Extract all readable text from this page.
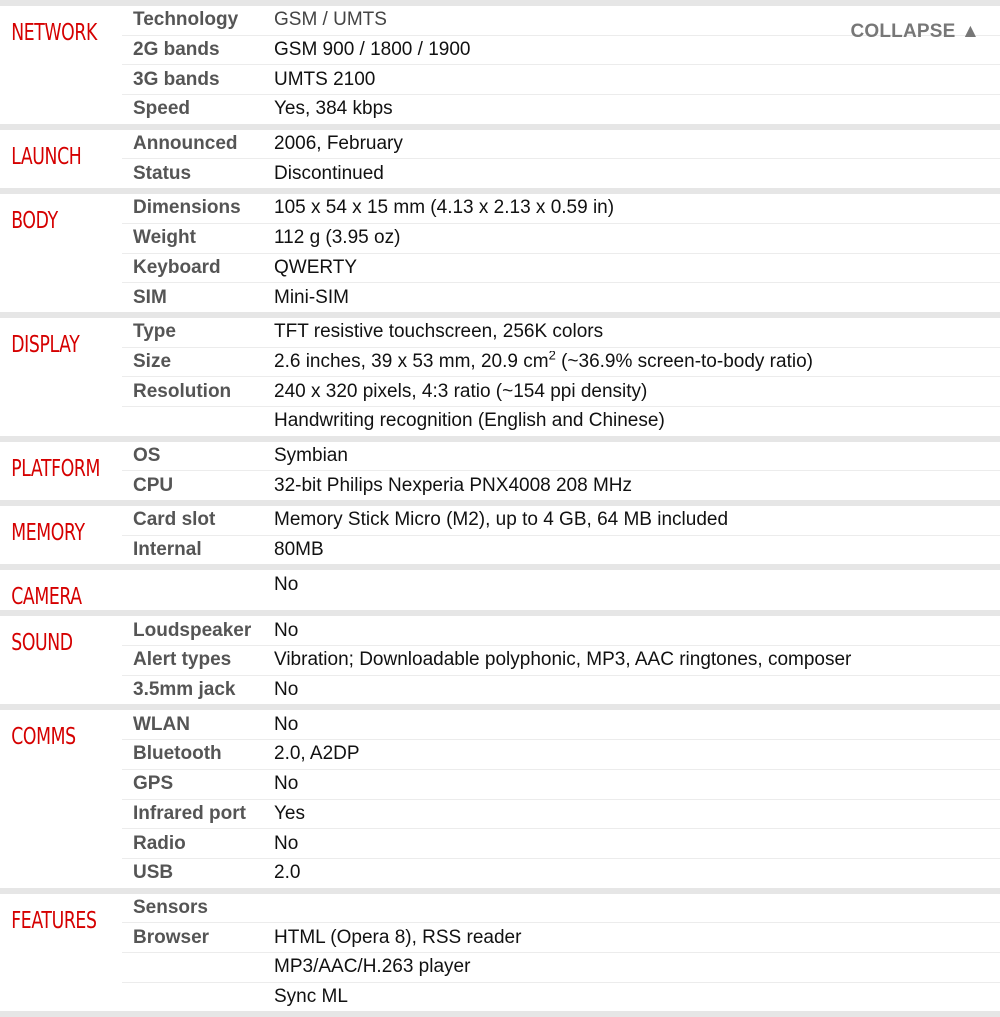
NETWORK
Technology	GSM / UMTS
2G bands	GSM 900 / 1800 / 1900
3G bands	UMTS 2100
Speed	Yes, 384 kbps
LAUNCH
Announced	2006, February
Status	Discontinued
BODY
Dimensions	105 x 54 x 15 mm (4.13 x 2.13 x 0.59 in)
Weight	112 g (3.95 oz)
Keyboard	QWERTY
SIM	Mini-SIM
DISPLAY
Type	TFT resistive touchscreen, 256K colors
Size	2.6 inches, 39 x 53 mm, 20.9 $cm^2$ (~36.9% screen-to-body ratio)
Resolution	240 x 320 pixels, 4:3 ratio (~154 ppi density)
Handwriting recognition (English and Chinese)
PLATFORM
OS	Symbian
CPU	32-bit Philips Nexperia PNX4008 208 MHz
MEMORY
Card slot	Memory Stick Micro (M2), up to 4 GB, 64 MB included
Internal	80MB
CAMERA
No
SOUND
Loudspeaker	No
Alert types	Vibration; Downloadable polyphonic, MP3, AAC ringtones, composer
3.5mm jack	No
COMMS
WLAN	No
Bluetooth	2.0, A2DP
GPS	No
Infrared port	Yes
Radio	No
USB	2.0
FEATURES
Sensors
Browser	HTML (Opera 8), RSS reader
MP3/AAC/H.263 player
Sync ML
COLLAPSE ▲
